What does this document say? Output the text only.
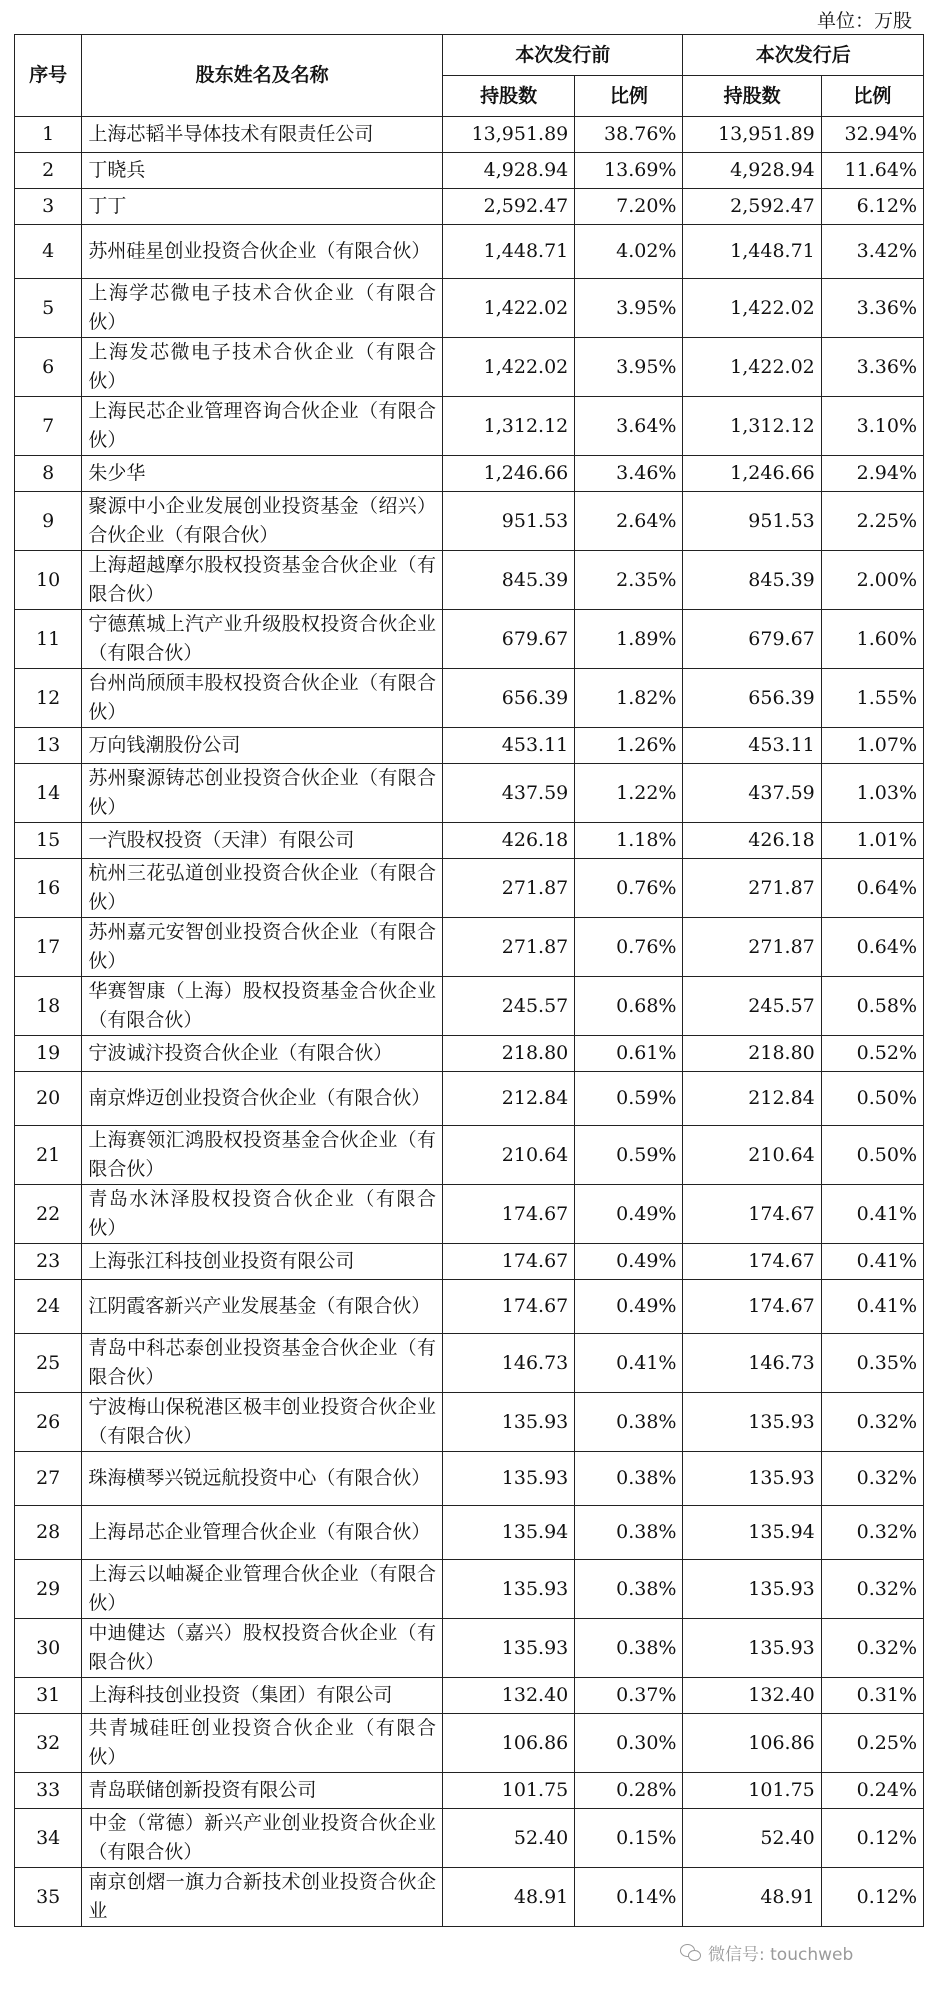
单位：万股
序号	股东姓名及名称	本次发行前		本次发行后	
		持股数	比例	持股数	比例
1	上海芯韬半导体技术有限责任公司	13,951.89	38.76%	13,951.89	32.94%
2	丁晓兵	4,928.94	13.69%	4,928.94	11.64%
3	丁丁	2,592.47	7.20%	2,592.47	6.12%
4	苏州硅星创业投资合伙企业（有限合伙）	1,448.71	4.02%	1,448.71	3.42%
5	上海学芯微电子技术合伙企业（有限合伙）	1,422.02	3.95%	1,422.02	3.36%
6	上海发芯微电子技术合伙企业（有限合伙）	1,422.02	3.95%	1,422.02	3.36%
7	上海民芯企业管理咨询合伙企业（有限合伙）	1,312.12	3.64%	1,312.12	3.10%
8	朱少华	1,246.66	3.46%	1,246.66	2.94%
9	聚源中小企业发展创业投资基金（绍兴）合伙企业（有限合伙）	951.53	2.64%	951.53	2.25%
10	上海超越摩尔股权投资基金合伙企业（有限合伙）	845.39	2.35%	845.39	2.00%
11	宁德蕉城上汽产业升级股权投资合伙企业（有限合伙）	679.67	1.89%	679.67	1.60%
12	台州尚颀颀丰股权投资合伙企业（有限合伙）	656.39	1.82%	656.39	1.55%
13	万向钱潮股份公司	453.11	1.26%	453.11	1.07%
14	苏州聚源铸芯创业投资合伙企业（有限合伙）	437.59	1.22%	437.59	1.03%
15	一汽股权投资（天津）有限公司	426.18	1.18%	426.18	1.01%
16	杭州三花弘道创业投资合伙企业（有限合伙）	271.87	0.76%	271.87	0.64%
17	苏州嘉元安智创业投资合伙企业（有限合伙）	271.87	0.76%	271.87	0.64%
18	华赛智康（上海）股权投资基金合伙企业（有限合伙）	245.57	0.68%	245.57	0.58%
19	宁波诚汴投资合伙企业（有限合伙）	218.80	0.61%	218.80	0.52%
20	南京烨迈创业投资合伙企业（有限合伙）	212.84	0.59%	212.84	0.50%
21	上海赛领汇鸿股权投资基金合伙企业（有限合伙）	210.64	0.59%	210.64	0.50%
22	青岛水沐泽股权投资合伙企业（有限合伙）	174.67	0.49%	174.67	0.41%
23	上海张江科技创业投资有限公司	174.67	0.49%	174.67	0.41%
24	江阴霞客新兴产业发展基金（有限合伙）	174.67	0.49%	174.67	0.41%
25	青岛中科芯泰创业投资基金合伙企业（有限合伙）	146.73	0.41%	146.73	0.35%
26	宁波梅山保税港区极丰创业投资合伙企业（有限合伙）	135.93	0.38%	135.93	0.32%
27	珠海横琴兴锐远航投资中心（有限合伙）	135.93	0.38%	135.93	0.32%
28	上海昂芯企业管理合伙企业（有限合伙）	135.94	0.38%	135.94	0.32%
29	上海云以岫凝企业管理合伙企业（有限合伙）	135.93	0.38%	135.93	0.32%
30	中迪健达（嘉兴）股权投资合伙企业（有限合伙）	135.93	0.38%	135.93	0.32%
31	上海科技创业投资（集团）有限公司	132.40	0.37%	132.40	0.31%
32	共青城硅旺创业投资合伙企业（有限合伙）	106.86	0.30%	106.86	0.25%
33	青岛联储创新投资有限公司	101.75	0.28%	101.75	0.24%
34	中金（常德）新兴产业创业投资合伙企业（有限合伙）	52.40	0.15%	52.40	0.12%
35	南京创熠一旗力合新技术创业投资合伙企业	48.91	0.14%	48.91	0.12%
微信号: touchweb
